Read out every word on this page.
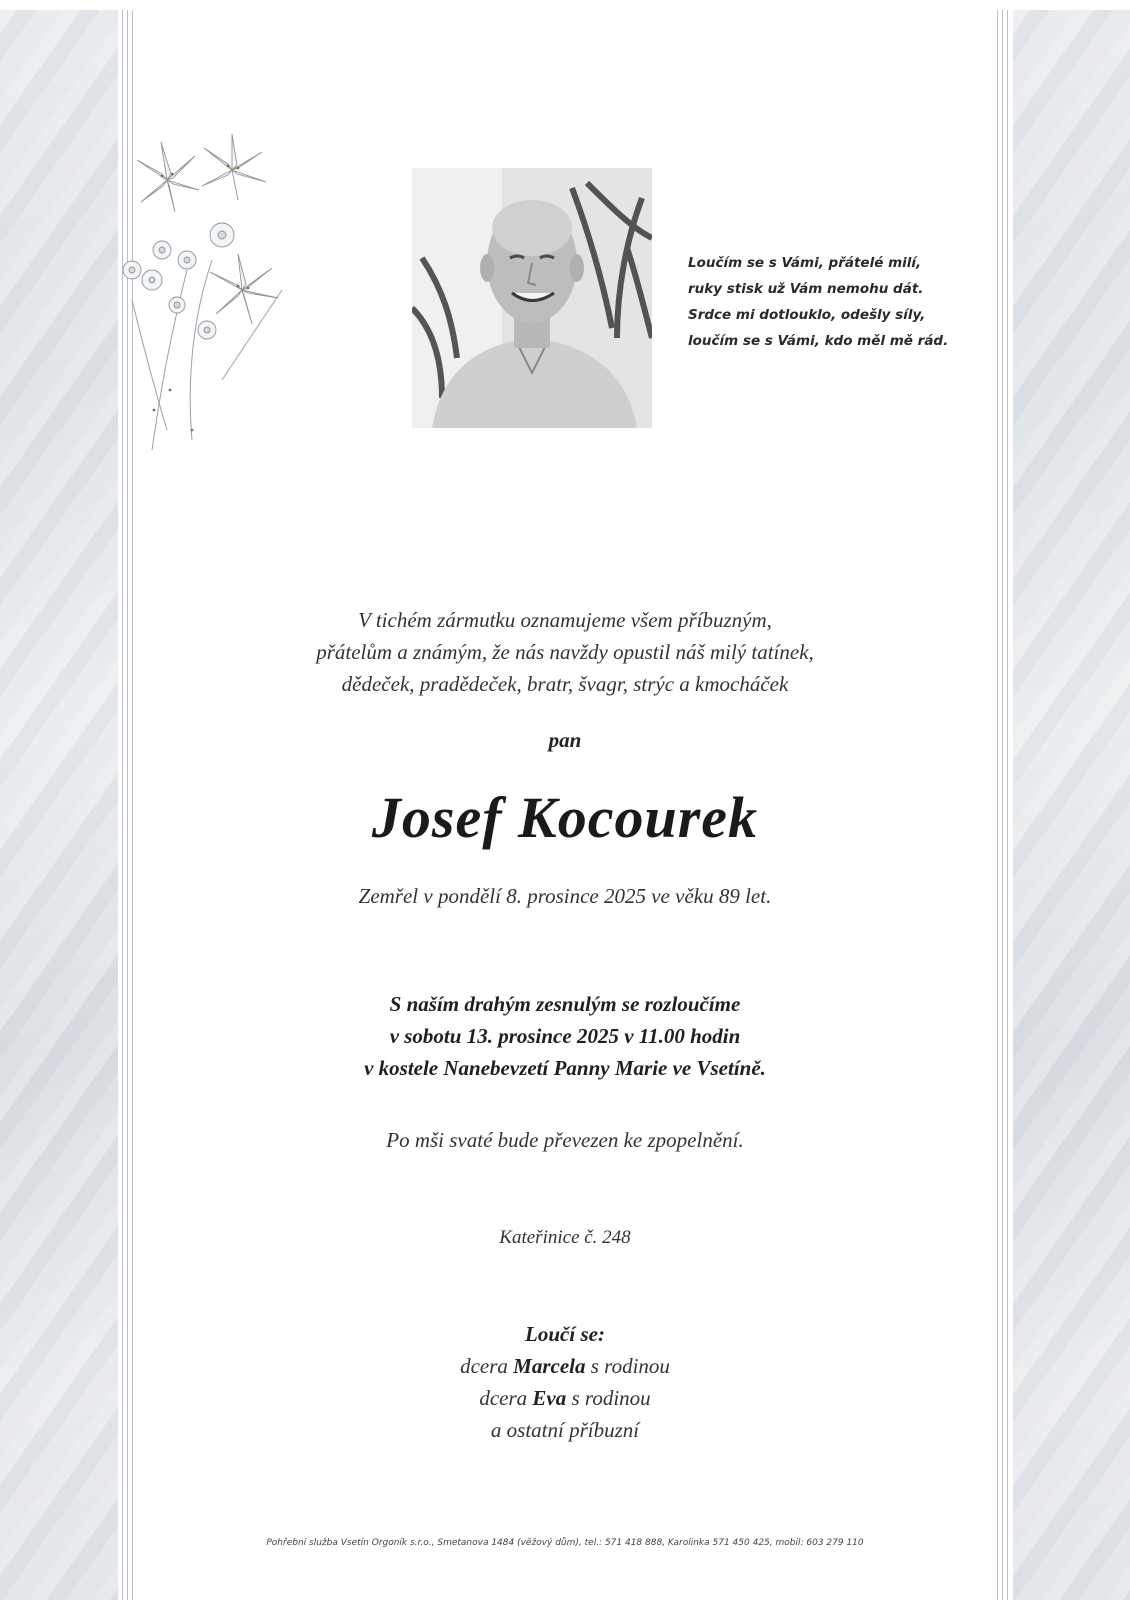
Loučím se s Vámi, přátelé milí,
ruky stisk už Vám nemohu dát.
Srdce mi dotlouklo, odešly síly,
loučím se s Vámi, kdo měl mě rád.
V tichém zármutku oznamujeme všem příbuzným,
přátelům a známým, že nás navždy opustil náš milý tatínek,
dědeček, pradědeček, bratr, švagr, strýc a kmocháček
pan
Josef Kocourek
Zemřel v pondělí 8. prosince 2025 ve věku 89 let.
S naším drahým zesnulým se rozloučíme
v sobotu 13. prosince 2025 v 11.00 hodin
v kostele Nanebevzetí Panny Marie ve Vsetíně.
Po mši svaté bude převezen ke zpopelnění.
Kateřinice č. 248
Loučí se:
dcera Marcela s rodinou
dcera Eva s rodinou
a ostatní příbuzní
Pohřební služba Vsetín Orgoník s.r.o., Smetanova 1484 (věžový dům), tel.: 571 418 888, Karolinka 571 450 425, mobil: 603 279 110
